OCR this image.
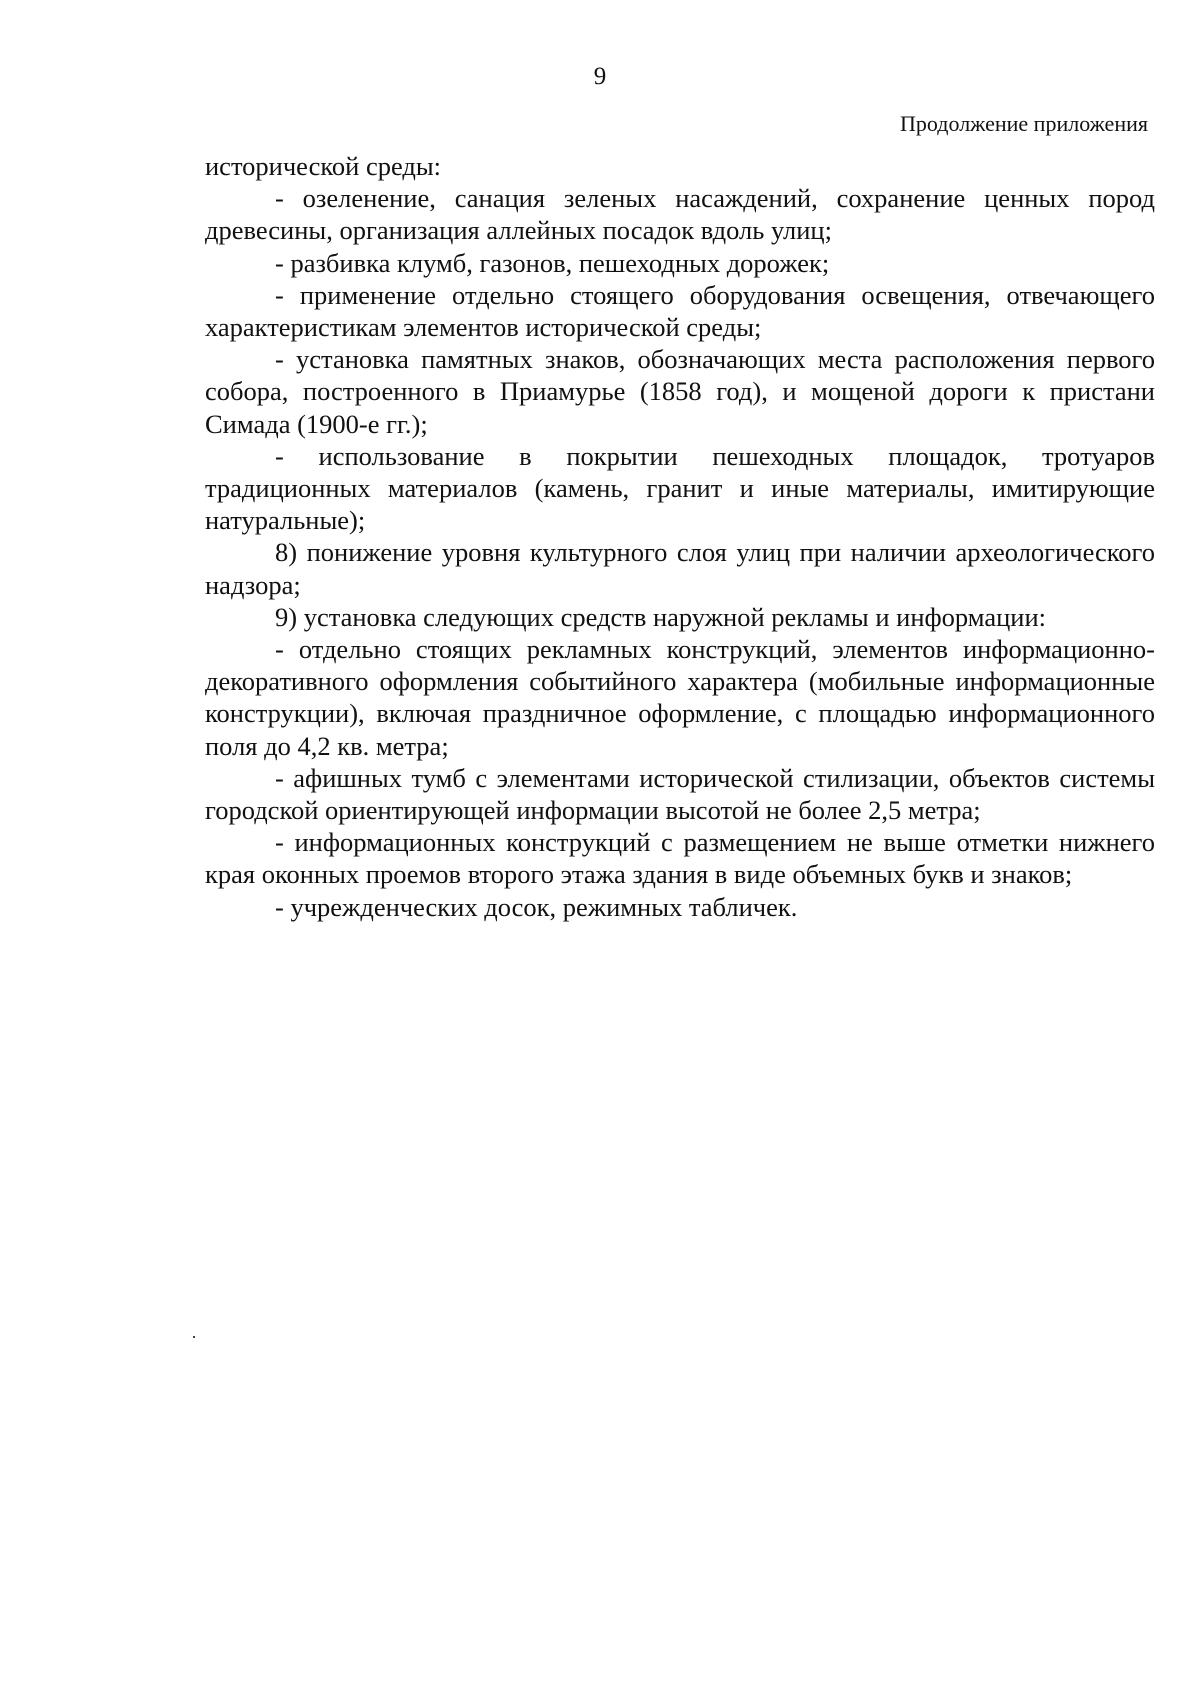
9
Продолжение приложения

исторической среды:

- озеленение, санация зеленых насаждений, сохранение ценных пород древесины, организация аллейных посадок вдоль улиц;

- разбивка клумб, газонов, пешеходных дорожек;

- применение отдельно стоящего оборудования освещения, отвечающего характеристикам элементов исторической среды;

- установка памятных знаков, обозначающих места расположения первого собора, построенного в Приамурье (1858 год), и мощеной дороги к пристани Симада (1900-е гг.);

- использование в покрытии пешеходных площадок, тротуаров традиционных материалов (камень, гранит и иные материалы, имитирующие натуральные);

8) понижение уровня культурного слоя улиц при наличии археологического надзора;

9) установка следующих средств наружной рекламы и информации:

- отдельно стоящих рекламных конструкций, элементов информационно-декоративного оформления событийного характера (мобильные информационные конструкции), включая праздничное оформление, с площадью информационного поля до 4,2 кв. метра;

- афишных тумб с элементами исторической стилизации, объектов системы городской ориентирующей информации высотой не более 2,5 метра;

- информационных конструкций с размещением не выше отметки нижнего края оконных проемов второго этажа здания в виде объемных букв и знаков;

- учрежденческих досок, режимных табличек.
